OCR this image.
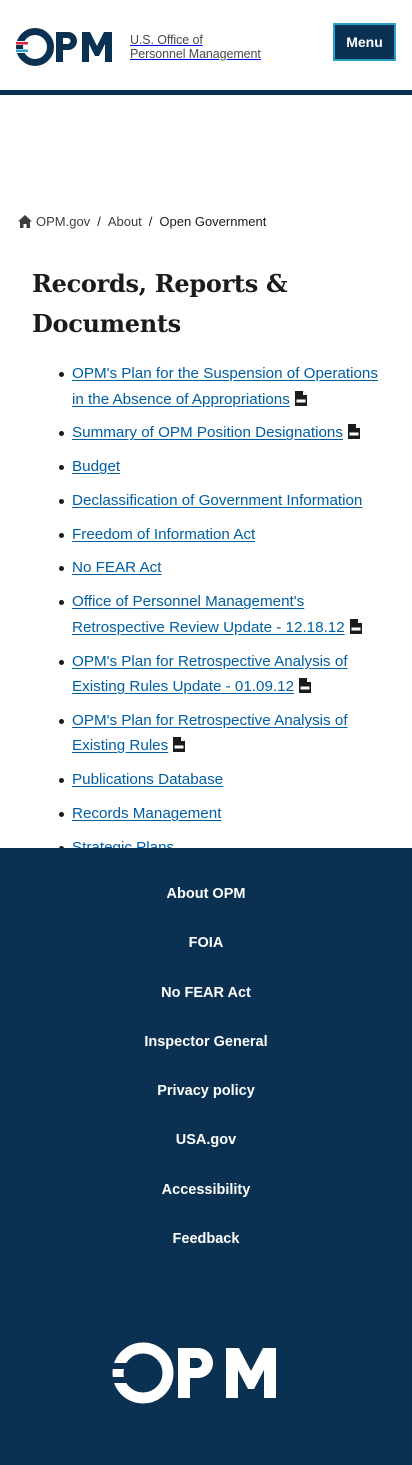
U.S. Office of
Personnel Management
Menu
OPM.gov / About / Open Government
Records, Reports & Documents
OPM's Plan for the Suspension of Operations in the Absence of Appropriations
Summary of OPM Position Designations
Budget
Declassification of Government Information
Freedom of Information Act
No FEAR Act
Office of Personnel Management's Retrospective Review Update - 12.18.12
OPM's Plan for Retrospective Analysis of Existing Rules Update - 01.09.12
OPM's Plan for Retrospective Analysis of Existing Rules
Publications Database
Records Management
About OPM
FOIA
No FEAR Act
Inspector General
Privacy policy
USA.gov
Accessibility
Feedback
